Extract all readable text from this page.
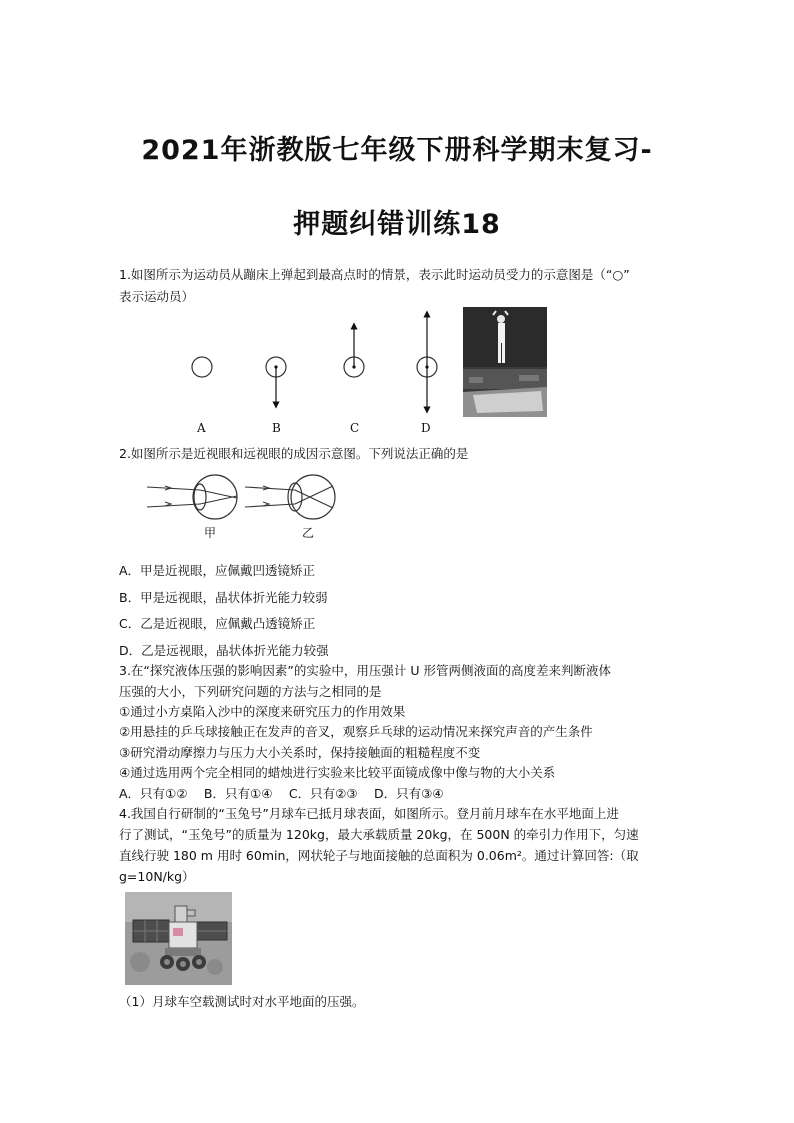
2021年浙教版七年级下册科学期末复习-
押题纠错训练18
1.如图所示为运动员从蹦床上弹起到最高点时的情景，表示此时运动员受力的示意图是（“○”
表示运动员）
A	B	C	D
2.如图所示是近视眼和远视眼的成因示意图。下列说法正确的是
甲	乙
A．甲是近视眼，应佩戴凹透镜矫正
B．甲是远视眼，晶状体折光能力较弱
C．乙是近视眼，应佩戴凸透镜矫正
D．乙是远视眼，晶状体折光能力较强
3.在“探究液体压强的影响因素”的实验中，用压强计 U 形管两侧液面的高度差来判断液体
压强的大小，下列研究问题的方法与之相同的是
①通过小方桌陷入沙中的深度来研究压力的作用效果
②用悬挂的乒乓球接触正在发声的音叉，观察乒乓球的运动情况来探究声音的产生条件
③研究滑动摩擦力与压力大小关系时，保持接触面的粗糙程度不变
④通过选用两个完全相同的蜡烛进行实验来比较平面镜成像中像与物的大小关系
A．只有①②　 B．只有①④　 C．只有②③　 D．只有③④
4.我国自行研制的“玉兔号”月球车已抵月球表面，如图所示。登月前月球车在水平地面上进
行了测试，“玉兔号”的质量为 120kg，最大承载质量 20kg，在 500N 的牵引力作用下，匀速
直线行驶 180 m 用时 60min，网状轮子与地面接触的总面积为 0.06m²。通过计算回答:（取
g=10N/kg）
（1）月球车空载测试时对水平地面的压强。
